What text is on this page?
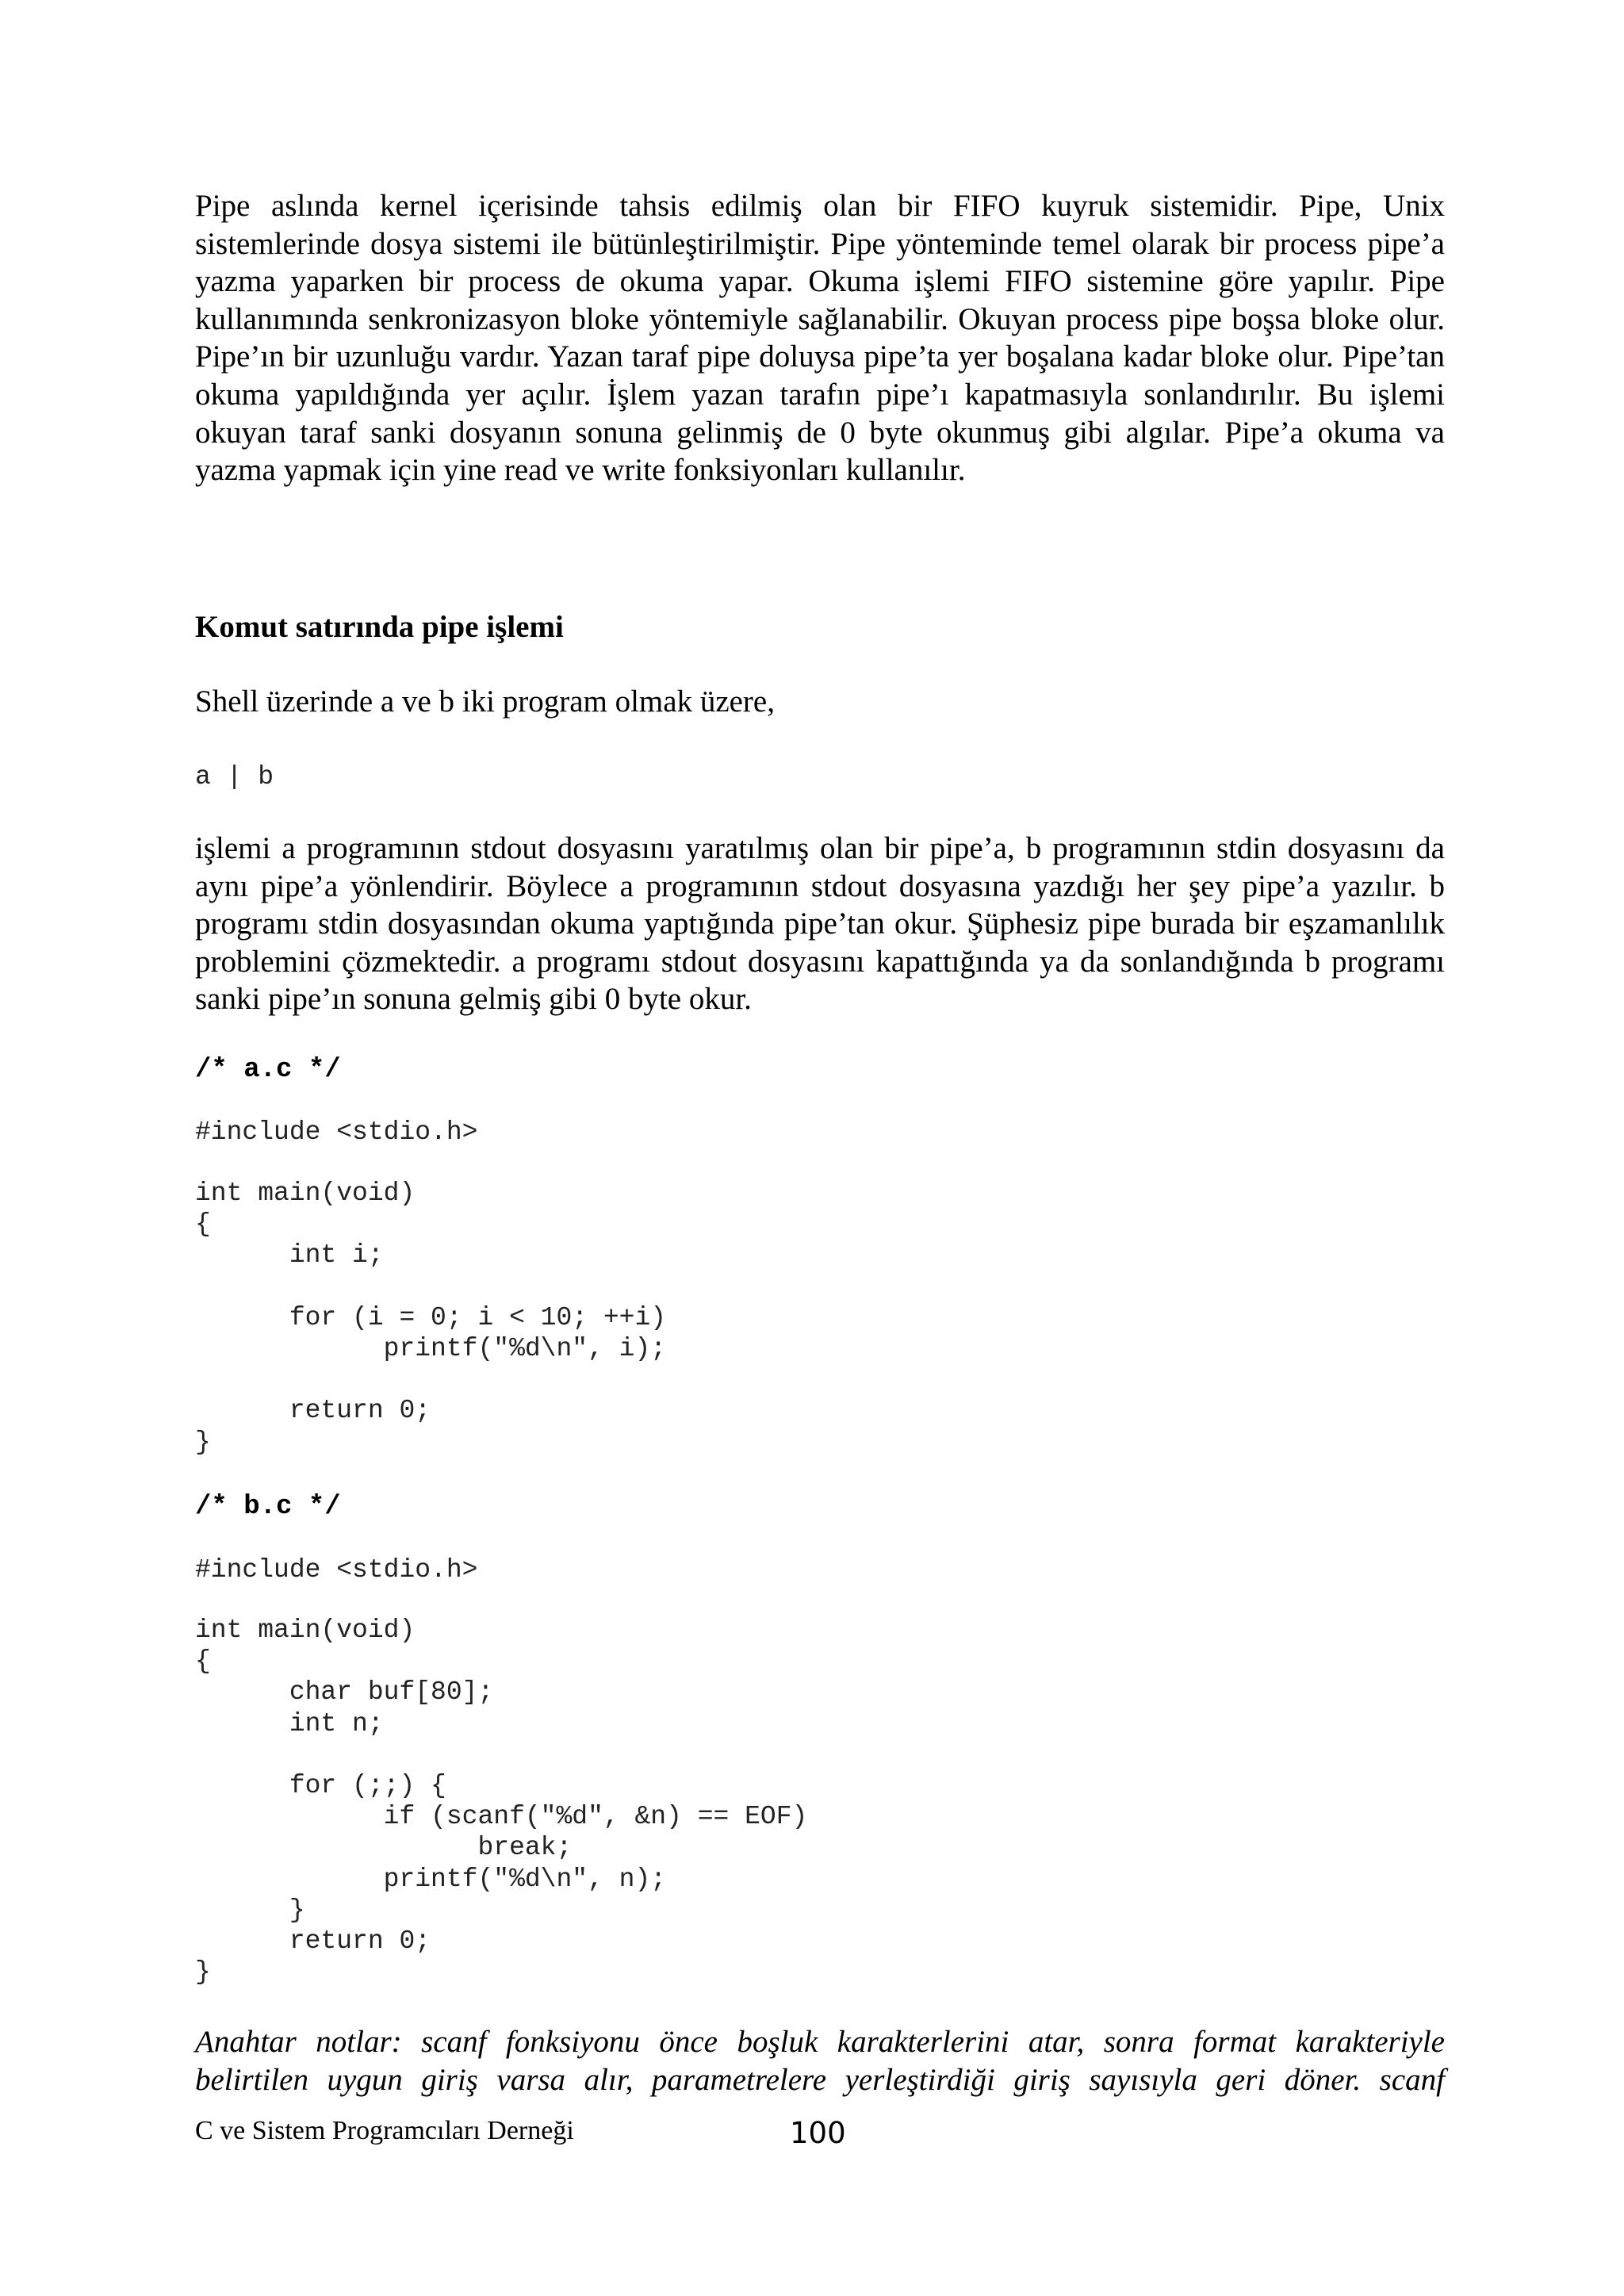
Pipe aslında kernel içerisinde tahsis edilmiş olan bir FIFO kuyruk sistemidir. Pipe, Unix sistemlerinde dosya sistemi ile bütünleştirilmiştir. Pipe yönteminde temel olarak bir process pipe’a yazma yaparken bir process de okuma yapar. Okuma işlemi FIFO sistemine göre yapılır. Pipe kullanımında senkronizasyon bloke yöntemiyle sağlanabilir. Okuyan process pipe boşsa bloke olur. Pipe’ın bir uzunluğu vardır. Yazan taraf pipe doluysa pipe’ta yer boşalana kadar bloke olur. Pipe’tan okuma yapıldığında yer açılır. İşlem yazan tarafın pipe’ı kapatmasıyla sonlandırılır. Bu işlemi okuyan taraf sanki dosyanın sonuna gelinmiş de 0 byte okunmuş gibi algılar. Pipe’a okuma va yazma yapmak için yine read ve write fonksiyonları kullanılır.

Komut satırında pipe işlemi

Shell üzerinde a ve b iki program olmak üzere,

a | b

işlemi a programının stdout dosyasını yaratılmış olan bir pipe’a, b programının stdin dosyasını da aynı pipe’a yönlendirir. Böylece a programının stdout dosyasına yazdığı her şey pipe’a yazılır. b programı stdin dosyasından okuma yaptığında pipe’tan okur. Şüphesiz pipe burada bir eşzamanlılık problemini çözmektedir. a programı stdout dosyasını kapattığında ya da sonlandığında b programı sanki pipe’ın sonuna gelmiş gibi 0 byte okur.

/* a.c */

#include <stdio.h>

int main(void)
{
int i;

for (i = 0; i < 10; ++i)
printf("%d\n", i);

return 0;
}

/* b.c */

#include <stdio.h>

int main(void)
{
char buf[80];
int n;

for (;;) {
if (scanf("%d", &n) == EOF)
break;
printf("%d\n", n);
}
return 0;
}

Anahtar notlar: scanf fonksiyonu önce boşluk karakterlerini atar, sonra format karakteriyle

belirtilen uygun giriş varsa alır, parametrelere yerleştirdiği giriş sayısıyla geri döner. scanf

C ve Sistem Programcıları Derneği	100
